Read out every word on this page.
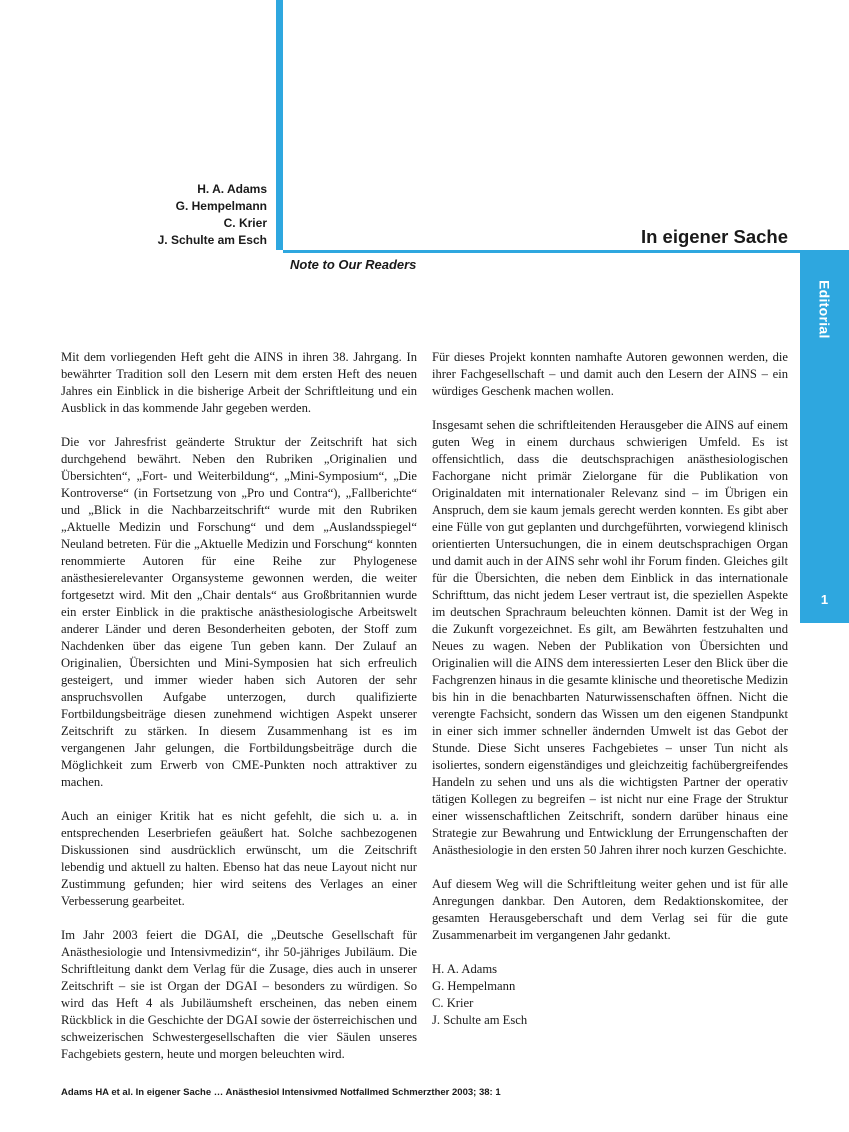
Editorial
1
H. A. Adams
G. Hempelmann
C. Krier
J. Schulte am Esch	In eigener Sache
Note to Our Readers

Mit dem vorliegenden Heft geht die AINS in ihren 38. Jahrgang. In bewährter Tradition soll den Lesern mit dem ersten Heft des neuen Jahres ein Einblick in die bisherige Arbeit der Schriftleitung und ein Ausblick in das kommende Jahr gegeben werden.

Die vor Jahresfrist geänderte Struktur der Zeitschrift hat sich durchgehend bewährt. Neben den Rubriken „Originalien und Übersichten“, „Fort- und Weiterbildung“, „Mini-Symposium“, „Die Kontroverse“ (in Fortsetzung von „Pro und Contra“), „Fallberichte“ und „Blick in die Nachbarzeitschrift“ wurde mit den Rubriken „Aktuelle Medizin und Forschung“ und dem „Auslandsspiegel“ Neuland betreten. Für die „Aktuelle Medizin und Forschung“ konnten renommierte Autoren für eine Reihe zur Phylogenese anästhesierelevanter Organsysteme gewonnen werden, die weiter fortgesetzt wird. Mit den „Chair dentals“ aus Großbritannien wurde ein erster Einblick in die praktische anästhesiologische Arbeitswelt anderer Länder und deren Besonderheiten geboten, der Stoff zum Nachdenken über das eigene Tun geben kann. Der Zulauf an Originalien, Übersichten und Mini-Symposien hat sich erfreulich gesteigert, und immer wieder haben sich Autoren der sehr anspruchsvollen Aufgabe unterzogen, durch qualifizierte Fortbildungsbeiträge diesen zunehmend wichtigen Aspekt unserer Zeitschrift zu stärken. In diesem Zusammenhang ist es im vergangenen Jahr gelungen, die Fortbildungsbeiträge durch die Möglichkeit zum Erwerb von CME-Punkten noch attraktiver zu machen.

Auch an einiger Kritik hat es nicht gefehlt, die sich u. a. in entsprechenden Leserbriefen geäußert hat. Solche sachbezogenen Diskussionen sind ausdrücklich erwünscht, um die Zeitschrift lebendig und aktuell zu halten. Ebenso hat das neue Layout nicht nur Zustimmung gefunden; hier wird seitens des Verlages an einer Verbesserung gearbeitet.

Im Jahr 2003 feiert die DGAI, die „Deutsche Gesellschaft für Anästhesiologie und Intensivmedizin“, ihr 50-jähriges Jubiläum. Die Schriftleitung dankt dem Verlag für die Zusage, dies auch in unserer Zeitschrift – sie ist Organ der DGAI – besonders zu würdigen. So wird das Heft 4 als Jubiläumsheft erscheinen, das neben einem Rückblick in die Geschichte der DGAI sowie der österreichischen und schweizerischen Schwestergesellschaften die vier Säulen unseres Fachgebiets gestern, heute und morgen beleuchten wird.

Für dieses Projekt konnten namhafte Autoren gewonnen werden, die ihrer Fachgesellschaft – und damit auch den Lesern der AINS – ein würdiges Geschenk machen wollen.

Insgesamt sehen die schriftleitenden Herausgeber die AINS auf einem guten Weg in einem durchaus schwierigen Umfeld. Es ist offensichtlich, dass die deutschsprachigen anästhesiologischen Fachorgane nicht primär Zielorgane für die Publikation von Originaldaten mit internationaler Relevanz sind – im Übrigen ein Anspruch, dem sie kaum jemals gerecht werden konnten. Es gibt aber eine Fülle von gut geplanten und durchgeführten, vorwiegend klinisch orientierten Untersuchungen, die in einem deutschsprachigen Organ und damit auch in der AINS sehr wohl ihr Forum finden. Gleiches gilt für die Übersichten, die neben dem Einblick in das internationale Schrifttum, das nicht jedem Leser vertraut ist, die speziellen Aspekte im deutschen Sprachraum beleuchten können. Damit ist der Weg in die Zukunft vorgezeichnet. Es gilt, am Bewährten festzuhalten und Neues zu wagen. Neben der Publikation von Übersichten und Originalien will die AINS dem interessierten Leser den Blick über die Fachgrenzen hinaus in die gesamte klinische und theoretische Medizin bis hin in die benachbarten Naturwissenschaften öffnen. Nicht die verengte Fachsicht, sondern das Wissen um den eigenen Standpunkt in einer sich immer schneller ändernden Umwelt ist das Gebot der Stunde. Diese Sicht unseres Fachgebietes – unser Tun nicht als isoliertes, sondern eigenständiges und gleichzeitig fachübergreifendes Handeln zu sehen und uns als die wichtigsten Partner der operativ tätigen Kollegen zu begreifen – ist nicht nur eine Frage der Struktur einer wissenschaftlichen Zeitschrift, sondern darüber hinaus eine Strategie zur Bewahrung und Entwicklung der Errungenschaften der Anästhesiologie in den ersten 50 Jahren ihrer noch kurzen Geschichte.

Auf diesem Weg will die Schriftleitung weiter gehen und ist für alle Anregungen dankbar. Den Autoren, dem Redaktionskomitee, der gesamten Herausgeberschaft und dem Verlag sei für die gute Zusammenarbeit im vergangenen Jahr gedankt.

H. A. Adams
G. Hempelmann
C. Krier
J. Schulte am Esch

Adams HA et al. In eigener Sache … Anästhesiol Intensivmed Notfallmed Schmerzther 2003; 38: 1
